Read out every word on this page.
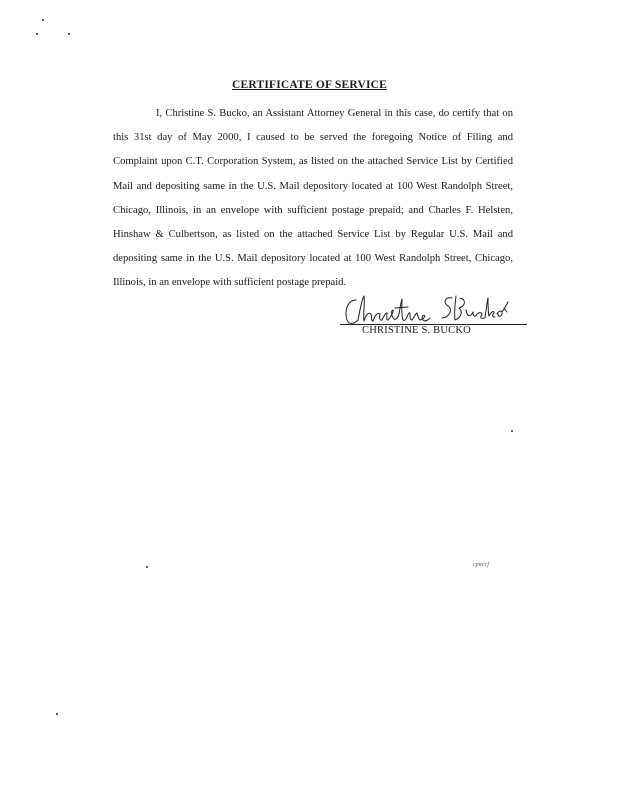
CERTIFICATE OF SERVICE

I, Christine S. Bucko, an Assistant Attorney General in this case, do certify that on this 31st day of May 2000, I caused to be served the foregoing Notice of Filing and Complaint upon C.T. Corporation System, as listed on the attached Service List by Certified Mail and depositing same in the U.S. Mail depository located at 100 West Randolph Street, Chicago, Illinois, in an envelope with sufficient postage prepaid; and Charles F. Helsten, Hinshaw & Culbertson, as listed on the attached Service List by Regular U.S. Mail and depositing same in the U.S. Mail depository located at 100 West Randolph Street, Chicago, Illinois, in an envelope with sufficient postage prepaid.

CHRISTINE S. BUCKO
cpm/cf
